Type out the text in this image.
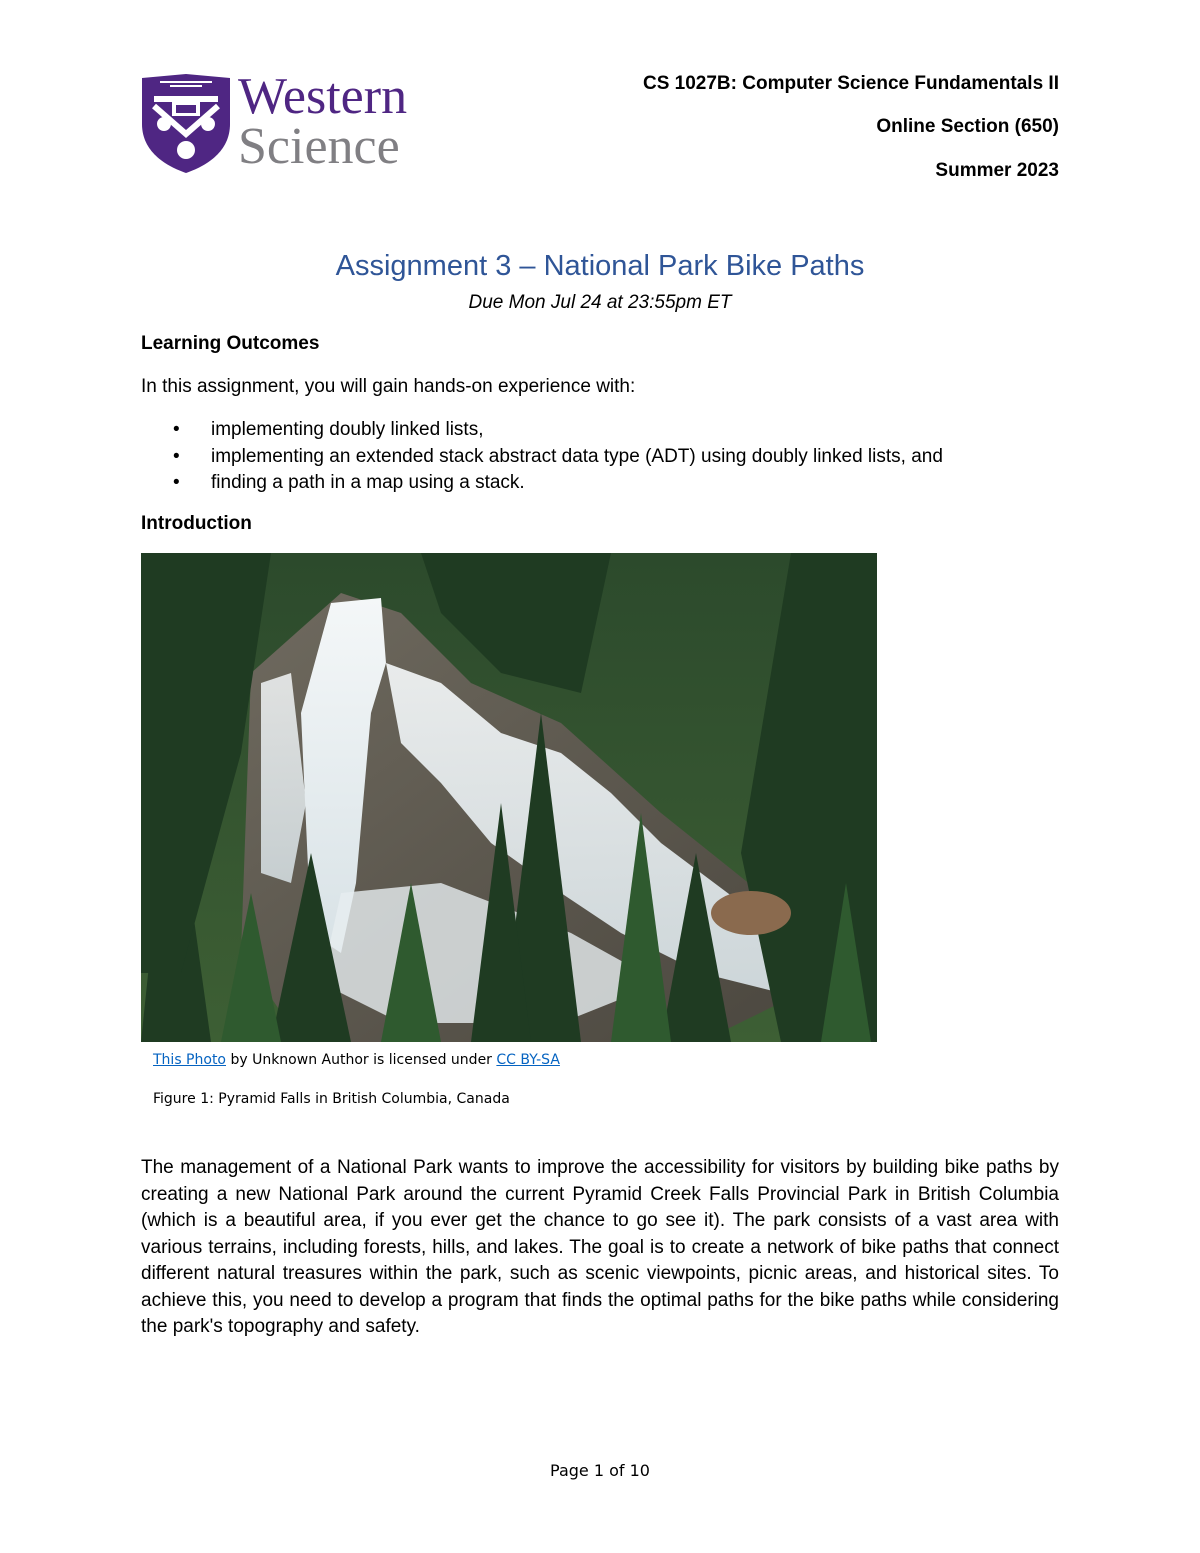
Western
Science
CS 1027B: Computer Science Fundamentals II
Online Section (650)
Summer 2023
Assignment 3 – National Park Bike Paths
Due Mon Jul 24 at 23:55pm ET
Learning Outcomes
In this assignment, you will gain hands-on experience with:
• implementing doubly linked lists,
• implementing an extended stack abstract data type (ADT) using doubly linked lists, and
• finding a path in a map using a stack.
Introduction
This Photo by Unknown Author is licensed under CC BY-SA
Figure 1: Pyramid Falls in British Columbia, Canada
The management of a National Park wants to improve the accessibility for visitors by building bike paths by creating a new National Park around the current Pyramid Creek Falls Provincial Park in British Columbia (which is a beautiful area, if you ever get the chance to go see it). The park consists of a vast area with various terrains, including forests, hills, and lakes. The goal is to create a network of bike paths that connect different natural treasures within the park, such as scenic viewpoints, picnic areas, and historical sites. To achieve this, you need to develop a program that finds the optimal paths for the bike paths while considering the park's topography and safety.
Page 1 of 10
